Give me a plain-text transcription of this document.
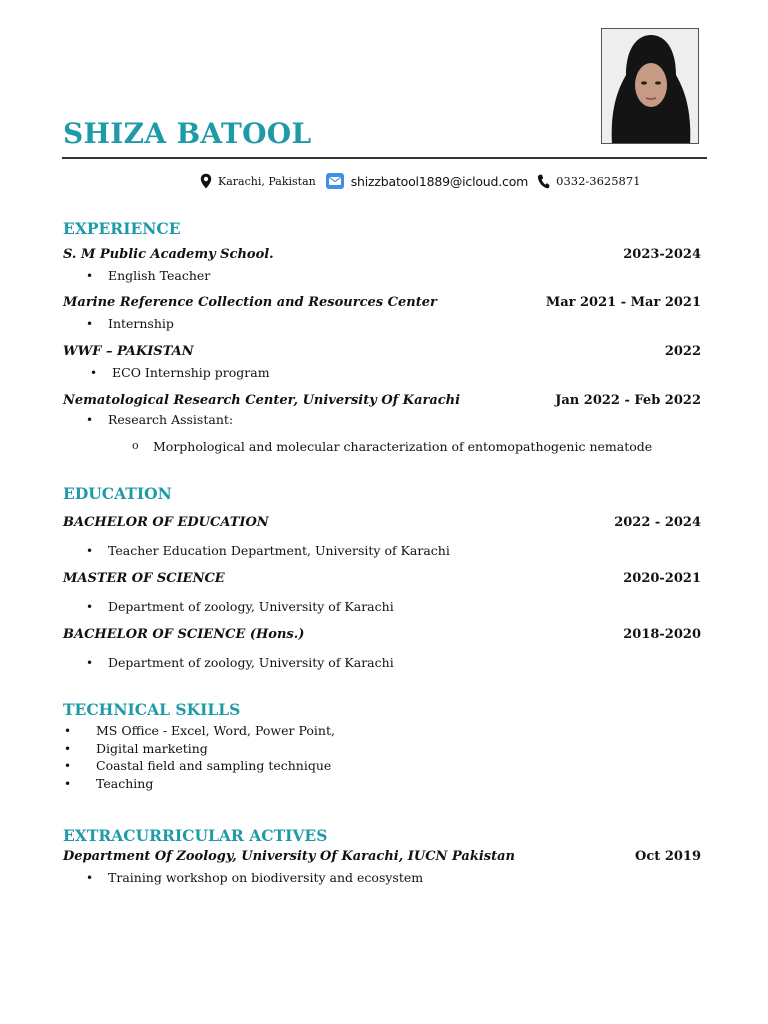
SHIZA BATOOL
Karachi, Pakistan	shizzbatool1889@icloud.com 0332-3625871
EXPERIENCE
S. M Public Academy School.	2023-2024
• English Teacher
Marine Reference Collection and Resources Center	Mar 2021 - Mar 2021
• Internship
WWF – PAKISTAN	2022
• ECO Internship program
Nematological Research Center, University Of Karachi	Jan 2022 - Feb 2022
• Research Assistant:
o Morphological and molecular characterization of entomopathogenic nematode
EDUCATION
BACHELOR OF EDUCATION	2022 - 2024
• Teacher Education Department, University of Karachi
MASTER OF SCIENCE	2020-2021
• Department of zoology, University of Karachi
BACHELOR OF SCIENCE (Hons.)	2018-2020
• Department of zoology, University of Karachi
TECHNICAL SKILLS
• MS Office - Excel, Word, Power Point,
• Digital marketing
• Coastal field and sampling technique
• Teaching
EXTRACURRICULAR ACTIVES
Department Of Zoology, University Of Karachi, IUCN Pakistan	Oct 2019
• Training workshop on biodiversity and ecosystem
